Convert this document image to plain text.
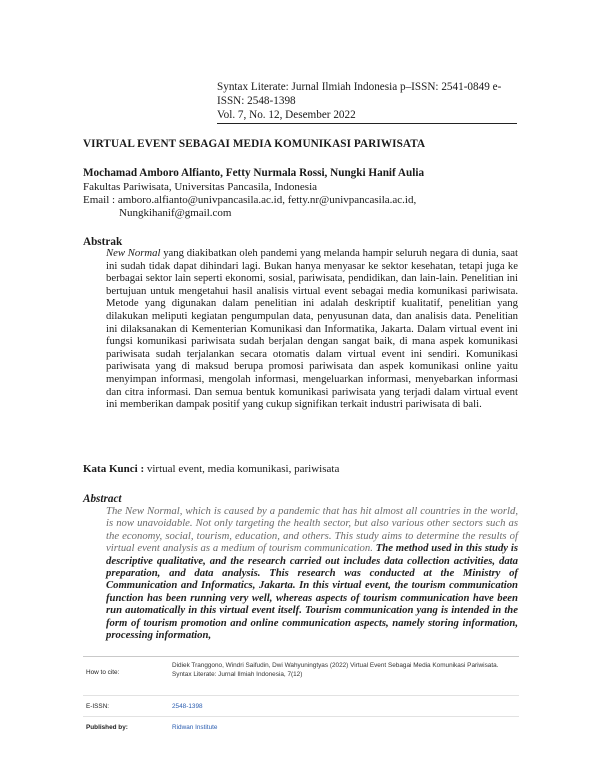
Syntax Literate: Jurnal Ilmiah Indonesia p–ISSN: 2541-0849 e-ISSN: 2548-1398
Vol. 7, No. 12, Desember 2022
VIRTUAL EVENT SEBAGAI MEDIA KOMUNIKASI PARIWISATA
Mochamad Amboro Alfianto, Fetty Nurmala Rossi, Nungki Hanif Aulia
Fakultas Pariwisata, Universitas Pancasila, Indonesia
Email : amboro.alfianto@univpancasila.ac.id, fetty.nr@univpancasila.ac.id,
Nungkihanif@gmail.com
Abstrak
New Normal yang diakibatkan oleh pandemi yang melanda hampir seluruh negara di dunia, saat ini sudah tidak dapat dihindari lagi. Bukan hanya menyasar ke sektor kesehatan, tetapi juga ke berbagai sektor lain seperti ekonomi, sosial, pariwisata, pendidikan, dan lain-lain. Penelitian ini bertujuan untuk mengetahui hasil analisis virtual event sebagai media komunikasi pariwisata. Metode yang digunakan dalam penelitian ini adalah deskriptif kualitatif, penelitian yang dilakukan meliputi kegiatan pengumpulan data, penyusunan data, dan analisis data. Penelitian ini dilaksanakan di Kementerian Komunikasi dan Informatika, Jakarta. Dalam virtual event ini fungsi komunikasi pariwisata sudah berjalan dengan sangat baik, di mana aspek komunikasi pariwisata sudah terjalankan secara otomatis dalam virtual event ini sendiri. Komunikasi pariwisata yang di maksud berupa promosi pariwisata dan aspek komunikasi online yaitu menyimpan informasi, mengolah informasi, mengeluarkan informasi, menyebarkan informasi dan citra informasi. Dan semua bentuk komunikasi pariwisata yang terjadi dalam virtual event ini memberikan dampak positif yang cukup signifikan terkait industri pariwisata di bali.
Kata Kunci : virtual event, media komunikasi, pariwisata
Abstract
The New Normal, which is caused by a pandemic that has hit almost all countries in the world, is now unavoidable. Not only targeting the health sector, but also various other sectors such as the economy, social, tourism, education, and others. This study aims to determine the results of virtual event analysis as a medium of tourism communication. The method used in this study is descriptive qualitative, and the research carried out includes data collection activities, data preparation, and data analysis. This research was conducted at the Ministry of Communication and Informatics, Jakarta. In this virtual event, the tourism communication function has been running very well, whereas aspects of tourism communication have been run automatically in this virtual event itself. Tourism communication yang is intended in the form of tourism promotion and online communication aspects, namely storing information, processing information,
How to cite:
Didiek Tranggono, Windri Saifudin, Dwi Wahyuningtyas (2022) Virtual Event Sebagai Media Komunikasi Pariwisata. Syntax Literate: Jurnal Ilmiah Indonesia, 7(12)
E-ISSN:	2548-1398
Published by:	Ridwan Institute
